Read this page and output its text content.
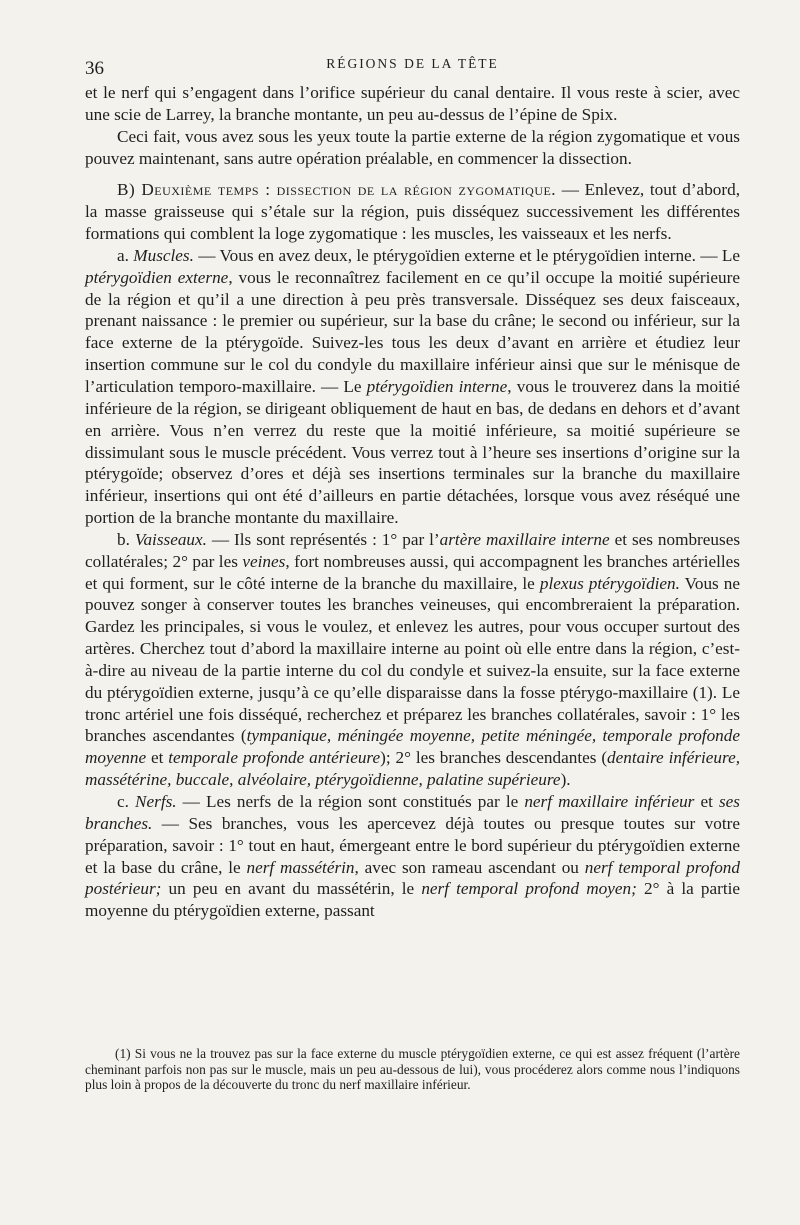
36	RÉGIONS DE LA TÊTE

et le nerf qui s’engagent dans l’orifice supérieur du canal dentaire. Il vous reste à scier, avec une scie de Larrey, la branche montante, un peu au-dessus de l’épine de Spix.

Ceci fait, vous avez sous les yeux toute la partie externe de la région zygomatique et vous pouvez maintenant, sans autre opération préalable, en commencer la dissection.

B) Deuxième temps : dissection de la région zygomatique. — Enlevez, tout d’abord, la masse graisseuse qui s’étale sur la région, puis disséquez successivement les différentes formations qui comblent la loge zygomatique : les muscles, les vaisseaux et les nerfs.

a. Muscles. — Vous en avez deux, le ptérygoïdien externe et le ptérygoïdien interne. — Le ptérygoïdien externe, vous le reconnaîtrez facilement en ce qu’il occupe la moitié supérieure de la région et qu’il a une direction à peu près transversale. Disséquez ses deux faisceaux, prenant naissance : le premier ou supérieur, sur la base du crâne; le second ou inférieur, sur la face externe de la ptérygoïde. Suivez-les tous les deux d’avant en arrière et étudiez leur insertion commune sur le col du condyle du maxillaire inférieur ainsi que sur le ménisque de l’articulation temporo-maxillaire. — Le ptérygoïdien interne, vous le trouverez dans la moitié inférieure de la région, se dirigeant obliquement de haut en bas, de dedans en dehors et d’avant en arrière. Vous n’en verrez du reste que la moitié inférieure, sa moitié supérieure se dissimulant sous le muscle précédent. Vous verrez tout à l’heure ses insertions d’origine sur la ptérygoïde; observez d’ores et déjà ses insertions terminales sur la branche du maxillaire inférieur, insertions qui ont été d’ailleurs en partie détachées, lorsque vous avez réséqué une portion de la branche montante du maxillaire.

b. Vaisseaux. — Ils sont représentés : 1° par l’artère maxillaire interne et ses nombreuses collatérales; 2° par les veines, fort nombreuses aussi, qui accompagnent les branches artérielles et qui forment, sur le côté interne de la branche du maxillaire, le plexus ptérygoïdien. Vous ne pouvez songer à conserver toutes les branches veineuses, qui encombreraient la préparation. Gardez les principales, si vous le voulez, et enlevez les autres, pour vous occuper surtout des artères. Cherchez tout d’abord la maxillaire interne au point où elle entre dans la région, c’est-à-dire au niveau de la partie interne du col du condyle et suivez-la ensuite, sur la face externe du ptérygoïdien externe, jusqu’à ce qu’elle disparaisse dans la fosse ptérygo-maxillaire (1). Le tronc artériel une fois disséqué, recherchez et préparez les branches collatérales, savoir : 1° les branches ascendantes (tympanique, méningée moyenne, petite méningée, temporale profonde moyenne et temporale profonde antérieure); 2° les branches descendantes (dentaire inférieure, massétérine, buccale, alvéolaire, ptérygoïdienne, palatine supérieure).

c. Nerfs. — Les nerfs de la région sont constitués par le nerf maxillaire inférieur et ses branches. — Ses branches, vous les apercevez déjà toutes ou presque toutes sur votre préparation, savoir : 1° tout en haut, émergeant entre le bord supérieur du ptérygoïdien externe et la base du crâne, le nerf massétérin, avec son rameau ascendant ou nerf temporal profond postérieur; un peu en avant du massétérin, le nerf temporal profond moyen; 2° à la partie moyenne du ptérygoïdien externe, passant

(1) Si vous ne la trouvez pas sur la face externe du muscle ptérygoïdien externe, ce qui est assez fréquent (l’artère cheminant parfois non pas sur le muscle, mais un peu au-dessous de lui), vous procéderez alors comme nous l’indiquons plus loin à propos de la découverte du tronc du nerf maxillaire inférieur.
